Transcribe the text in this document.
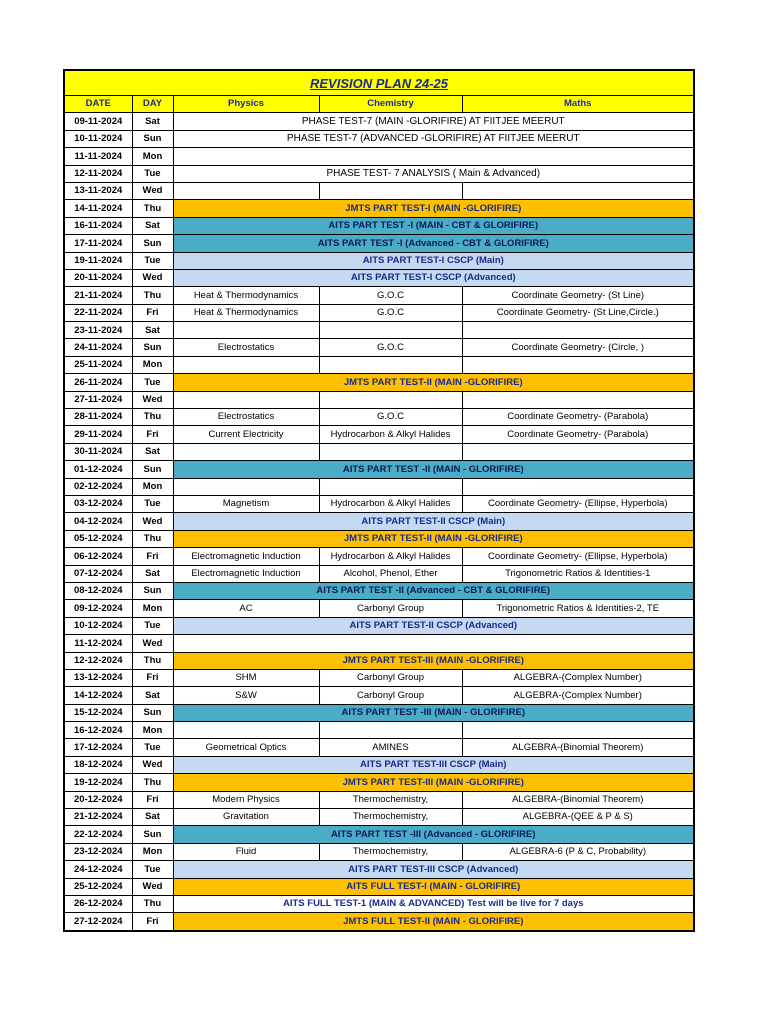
REVISION PLAN 24-25				
DATE	DAY	Physics	Chemistry	Maths
09-11-2024	Sat	PHASE TEST-7 (MAIN -GLORIFIRE) AT FIITJEE MEERUT		
10-11-2024	Sun	PHASE TEST-7 (ADVANCED -GLORIFIRE) AT FIITJEE MEERUT		
11-11-2024	Mon			
12-11-2024	Tue	PHASE TEST- 7 ANALYSIS ( Main & Advanced)		
13-11-2024	Wed			
14-11-2024	Thu	JMTS PART TEST-I (MAIN -GLORIFIRE)		
16-11-2024	Sat	AITS PART TEST -I (MAIN - CBT & GLORIFIRE)		
17-11-2024	Sun	AITS PART TEST -I (Advanced - CBT & GLORIFIRE)		
19-11-2024	Tue	AITS PART TEST-I CSCP (Main)		
20-11-2024	Wed	AITS PART TEST-I CSCP (Advanced)		
21-11-2024	Thu	Heat & Thermodynamics	G.O.C	Coordinate Geometry- (St Line)
22-11-2024	Fri	Heat & Thermodynamics	G.O.C	Coordinate Geometry- (St Line,Circle.)
23-11-2024	Sat			
24-11-2024	Sun	Electrostatics	G.O.C	Coordinate Geometry- (Circle, )
25-11-2024	Mon			
26-11-2024	Tue	JMTS PART TEST-II (MAIN -GLORIFIRE)		
27-11-2024	Wed			
28-11-2024	Thu	Electrostatics	G.O.C	Coordinate Geometry- (Parabola)
29-11-2024	Fri	Current Electricity	Hydrocarbon & Alkyl Halides	Coordinate Geometry- (Parabola)
30-11-2024	Sat			
01-12-2024	Sun	AITS PART TEST -II (MAIN - GLORIFIRE)		
02-12-2024	Mon			
03-12-2024	Tue	Magnetism	Hydrocarbon & Alkyl Halides	Coordinate Geometry- (Ellipse, Hyperbola)
04-12-2024	Wed	AITS PART TEST-II CSCP (Main)		
05-12-2024	Thu	JMTS PART TEST-II (MAIN -GLORIFIRE)		
06-12-2024	Fri	Electromagnetic Induction	Hydrocarbon & Alkyl Halides	Coordinate Geometry- (Ellipse, Hyperbola)
07-12-2024	Sat	Electromagnetic Induction	Alcohol, Phenol, Ether	Trigonometric Ratios & Identities-1
08-12-2024	Sun	AITS PART TEST -II (Advanced - CBT & GLORIFIRE)		
09-12-2024	Mon	AC	Carbonyl Group	Trigonometric Ratios & Identities-2, TE
10-12-2024	Tue	AITS PART TEST-II CSCP (Advanced)		
11-12-2024	Wed			
12-12-2024	Thu	JMTS PART TEST-III (MAIN -GLORIFIRE)		
13-12-2024	Fri	SHM	Carbonyl Group	ALGEBRA-(Complex Number)
14-12-2024	Sat	S&W	Carbonyl Group	ALGEBRA-(Complex Number)
15-12-2024	Sun	AITS PART TEST -III (MAIN - GLORIFIRE)		
16-12-2024	Mon			
17-12-2024	Tue	Geometrical Optics	AMINES	ALGEBRA-(Binomial Theorem)
18-12-2024	Wed	AITS PART TEST-III CSCP (Main)		
19-12-2024	Thu	JMTS PART TEST-III (MAIN -GLORIFIRE)		
20-12-2024	Fri	Modern Physics	Thermochemistry,	ALGEBRA-(Binomial Theorem)
21-12-2024	Sat	Gravitation	Thermochemistry,	ALGEBRA-(QEE & P & S)
22-12-2024	Sun	AITS PART TEST -III (Advanced - GLORIFIRE)		
23-12-2024	Mon	Fluid	Thermochemistry,	ALGEBRA-6 (P & C, Probability)
24-12-2024	Tue	AITS PART TEST-III CSCP (Advanced)		
25-12-2024	Wed	AITS FULL TEST-I (MAIN - GLORIFIRE)		
26-12-2024	Thu	AITS FULL TEST-1 (MAIN & ADVANCED) Test will be live for 7 days		
27-12-2024	Fri	JMTS FULL TEST-II (MAIN - GLORIFIRE)		
